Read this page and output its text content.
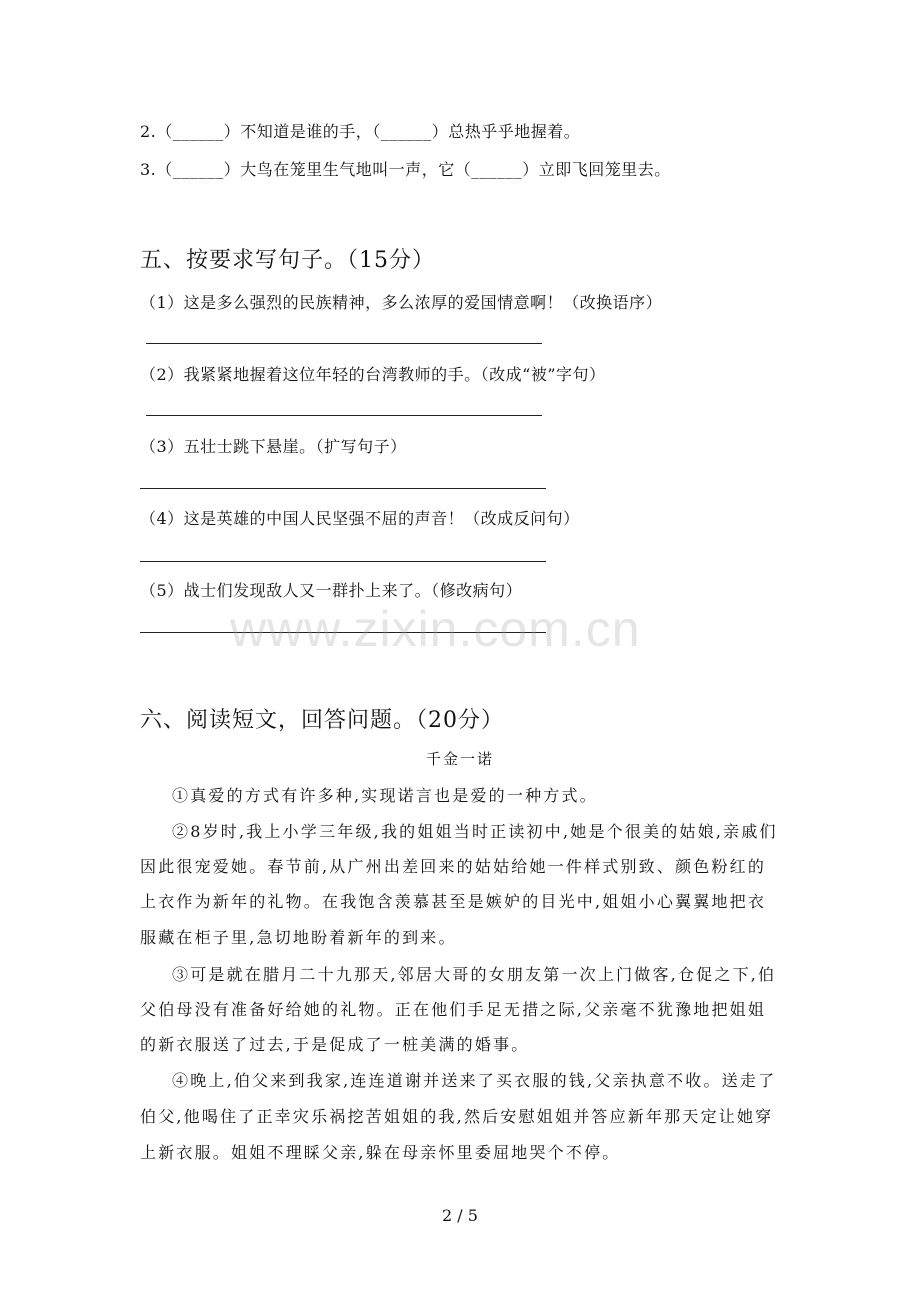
2.（______）不知道是谁的手，（______）总热乎乎地握着。
3.（______）大鸟在笼里生气地叫一声，它（______）立即飞回笼里去。
五、按要求写句子。（15分）
（1）这是多么强烈的民族精神，多么浓厚的爱国情意啊！（改换语序）
（2）我紧紧地握着这位年轻的台湾教师的手。（改成“被”字句）
（3）五壮士跳下悬崖。（扩写句子）
（4）这是英雄的中国人民坚强不屈的声音！（改成反问句）
（5）战士们发现敌人又一群扑上来了。（修改病句）
www.zixin.com.cn
六、阅读短文，回答问题。（20分）
千金一诺
①真爱的方式有许多种,实现诺言也是爱的一种方式。
②8岁时,我上小学三年级,我的姐姐当时正读初中,她是个很美的姑娘,亲戚们
因此很宠爱她。春节前,从广州出差回来的姑姑给她一件样式别致、颜色粉红的
上衣作为新年的礼物。在我饱含羡慕甚至是嫉妒的目光中,姐姐小心翼翼地把衣
服藏在柜子里,急切地盼着新年的到来。
③可是就在腊月二十九那天,邻居大哥的女朋友第一次上门做客,仓促之下,伯
父伯母没有准备好给她的礼物。正在他们手足无措之际,父亲毫不犹豫地把姐姐
的新衣服送了过去,于是促成了一桩美满的婚事。
④晚上,伯父来到我家,连连道谢并送来了买衣服的钱,父亲执意不收。送走了
伯父,他喝住了正幸灾乐祸挖苦姐姐的我,然后安慰姐姐并答应新年那天定让她穿
上新衣服。姐姐不理睬父亲,躲在母亲怀里委屈地哭个不停。
2 / 5
